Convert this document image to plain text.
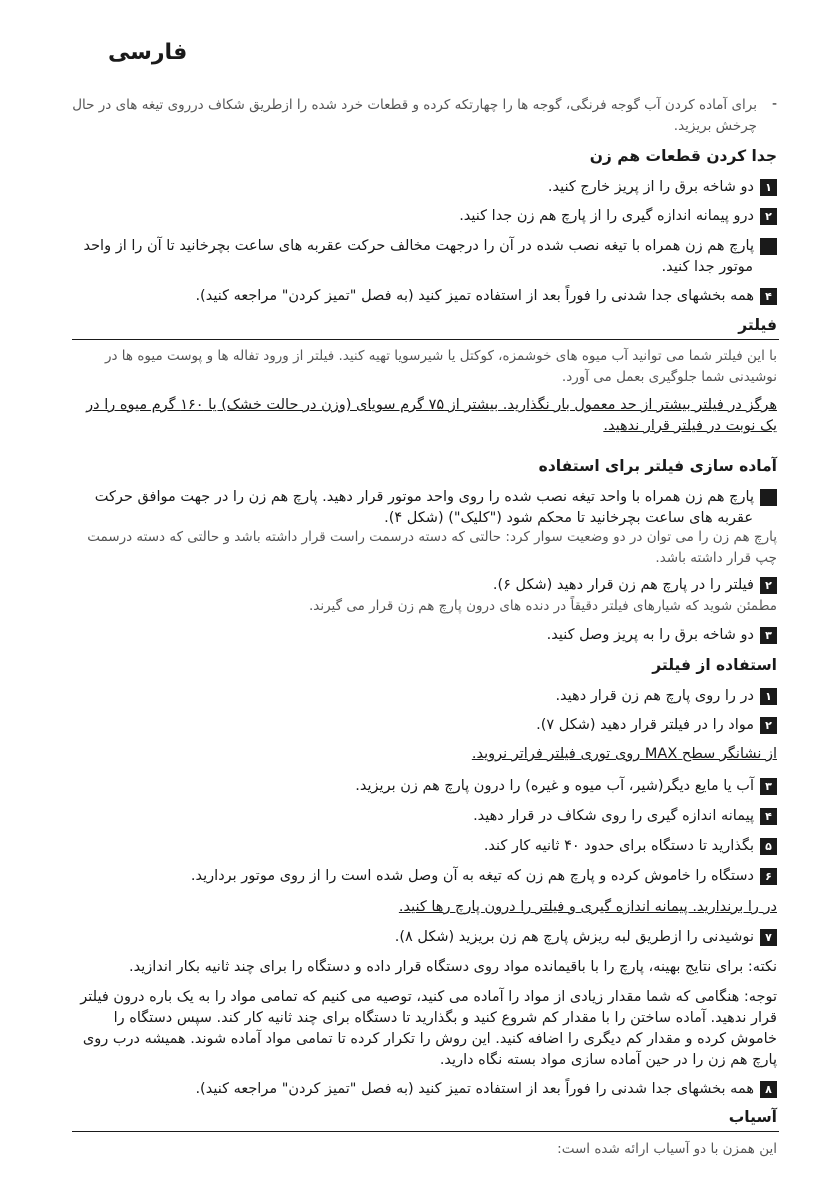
فارسی
-
برای آماده کردن آب گوجه فرنگی، گوجه ها را چهارتکه کرده و قطعات خرد شده را ازطریق شکاف درروی تیغه های در حال چرخش بریزید.
جدا کردن قطعات هم زن
۱دو شاخه برق را از پریز خارج کنید.
۲درو پیمانه اندازه گیری را از پارچ هم زن جدا کنید.
۳پارچ هم زن همراه با تیغه نصب شده در آن را درجهت مخالف حرکت عقربه های ساعت بچرخانید تا آن را از واحد موتور جدا کنید.
۴همه بخشهای جدا شدنی را فوراً بعد از استفاده تمیز کنید (به فصل "تمیز کردن" مراجعه کنید).
فیلتر
با این فیلتر شما می توانید آب میوه های خوشمزه، کوکتل یا شیرسویا تهیه کنید. فیلتر از ورود تفاله ها و پوست میوه ها در نوشیدنی شما جلوگیری بعمل می آورد.
هرگز در فیلتر بیشتر از حد معمول بار نگذارید. بیشتر از ۷۵ گرم سویای (وزن در حالت خشک) یا ۱۶۰ گرم میوه را در یک نوبت در فیلتر قرار ندهید.
آماده سازی فیلتر برای استفاده
۱پارچ هم زن همراه با واحد تیغه نصب شده را روی واحد موتور قرار دهید. پارچ هم زن را در جهت موافق حرکت عقربه های ساعت بچرخانید تا محکم شود ("کلیک") (شکل ۴).
پارچ هم زن را می توان در دو وضعیت سوار کرد: حالتی که دسته درسمت راست قرار داشته باشد و حالتی که دسته درسمت چپ قرار داشته باشد.
۲فیلتر را در پارچ هم زن قرار دهید (شکل ۶).
مطمئن شوید که شیارهای فیلتر دقیقاً در دنده های درون پارچ هم زن قرار می گیرند.
۳دو شاخه برق را به پریز وصل کنید.
استفاده از فیلتر
۱در را روی پارچ هم زن قرار دهید.
۲مواد را در فیلتر قرار دهید (شکل ۷).
از نشانگر سطح MAX روی توری فیلتر فراتر نروید.
۳آب یا مایع دیگر(شیر، آب میوه و غیره) را درون پارچ هم زن بریزید.
۴پیمانه اندازه گیری را روی شکاف در قرار دهید.
۵بگذارید تا دستگاه برای حدود ۴۰ ثانیه کار کند.
۶دستگاه را خاموش کرده و پارچ هم زن که تیغه به آن وصل شده است را از روی موتور بردارید.
در را برندارید. پیمانه اندازه گیری و فیلتر را درون پارچ رها کنید.
۷نوشیدنی را ازطریق لبه ریزش پارچ هم زن بریزید (شکل ۸).
نکته: برای نتایج بهینه، پارچ را با باقیمانده مواد روی دستگاه قرار داده و دستگاه را برای چند ثانیه بکار اندازید.
توجه: هنگامی که شما مقدار زیادی از مواد را آماده می کنید، توصیه می کنیم که تمامی مواد را به یک باره درون فیلتر قرار ندهید. آماده ساختن را با مقدار کم شروع کنید و بگذارید تا دستگاه برای چند ثانیه کار کند. سپس دستگاه را خاموش کرده و مقدار کم دیگری را اضافه کنید. این روش را تکرار کرده تا تمامی مواد آماده شوند. همیشه درب روی پارچ هم زن را در حین آماده سازی مواد بسته نگاه دارید.
۸همه بخشهای جدا شدنی را فوراً بعد از استفاده تمیز کنید (به فصل "تمیز کردن" مراجعه کنید).
آسیاب
این همزن با دو آسیاب ارائه شده است:
